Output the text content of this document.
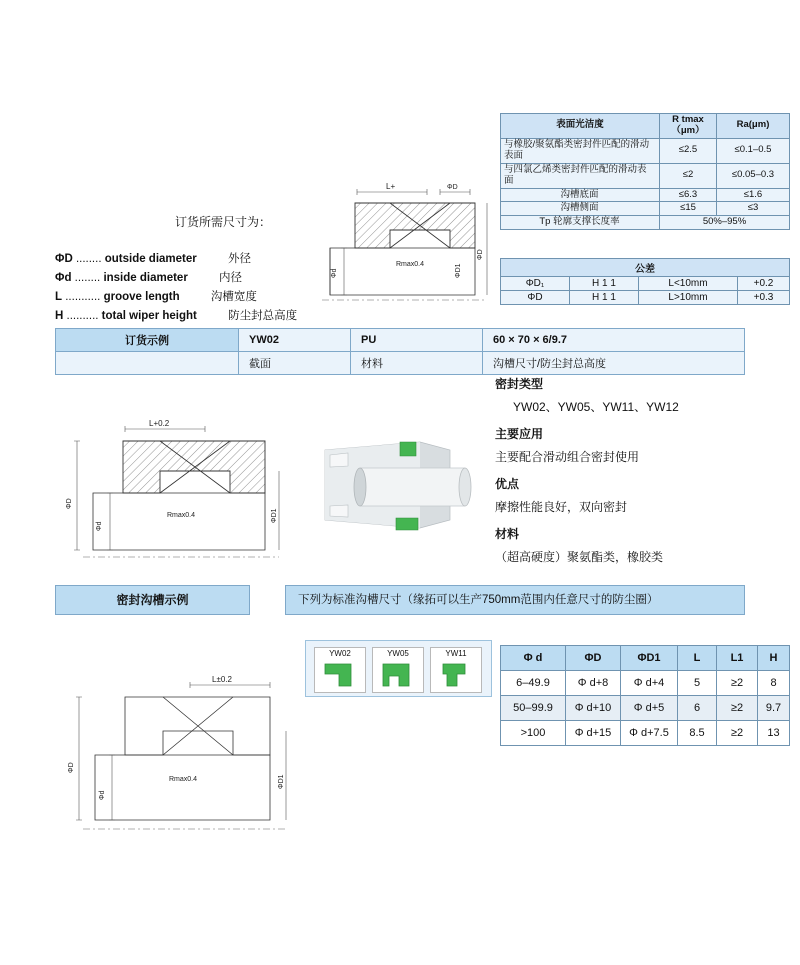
L+	ΦD
Φd
ΦD
ΦD1
Rmax0.4
表面光洁度	R tmax（μm）	Ra(μm)
与橡胶/聚氨酯类密封件匹配的滑动表面	≤2.5	≤0.1–0.5
与四氯乙烯类密封件匹配的滑动表面	≤2	≤0.05–0.3
沟槽底面	≤6.3	≤1.6
沟槽侧面	≤15	≤3
Tp 轮廓支撑长度率	50%–95%	
公差			
ΦD₁	H 1 1	L<10mm	+0.2
ΦD	H 1 1	L>10mm	+0.3
订货所需尺寸为：
ΦD ........ outside diameter	外径
Φd ........ inside diameter	内径
L ........... groove length	沟槽宽度
H .......... total wiper height	防尘封总高度
订货示例	YW02	PU	60 × 70 × 6/9.7
	截面	材料	沟槽尺寸/防尘封总高度
L+0.2
Φd
ΦD
ΦD1
Rmax0.4
密封类型
YW02、YW05、YW11、YW12
主要应用
主要配合滑动组合密封使用
优点
摩擦性能良好，双向密封
材料
（超高硬度）聚氨酯类，橡胶类
密封沟槽示例	下列为标准沟槽尺寸（缘拓可以生产750mm范围内任意尺寸的防尘圈）
YW02	YW05	YW11	Φ d	ΦD	ΦD1	L	L1	H
6–49.9	Φ d+8	Φ d+4	5	≥2	8
50–99.9	Φ d+10	Φ d+5	6	≥2	9.7
>100	Φ d+15	Φ d+7.5	8.5	≥2	13
L±0.2
Φd
ΦD
ΦD1
Rmax0.4
